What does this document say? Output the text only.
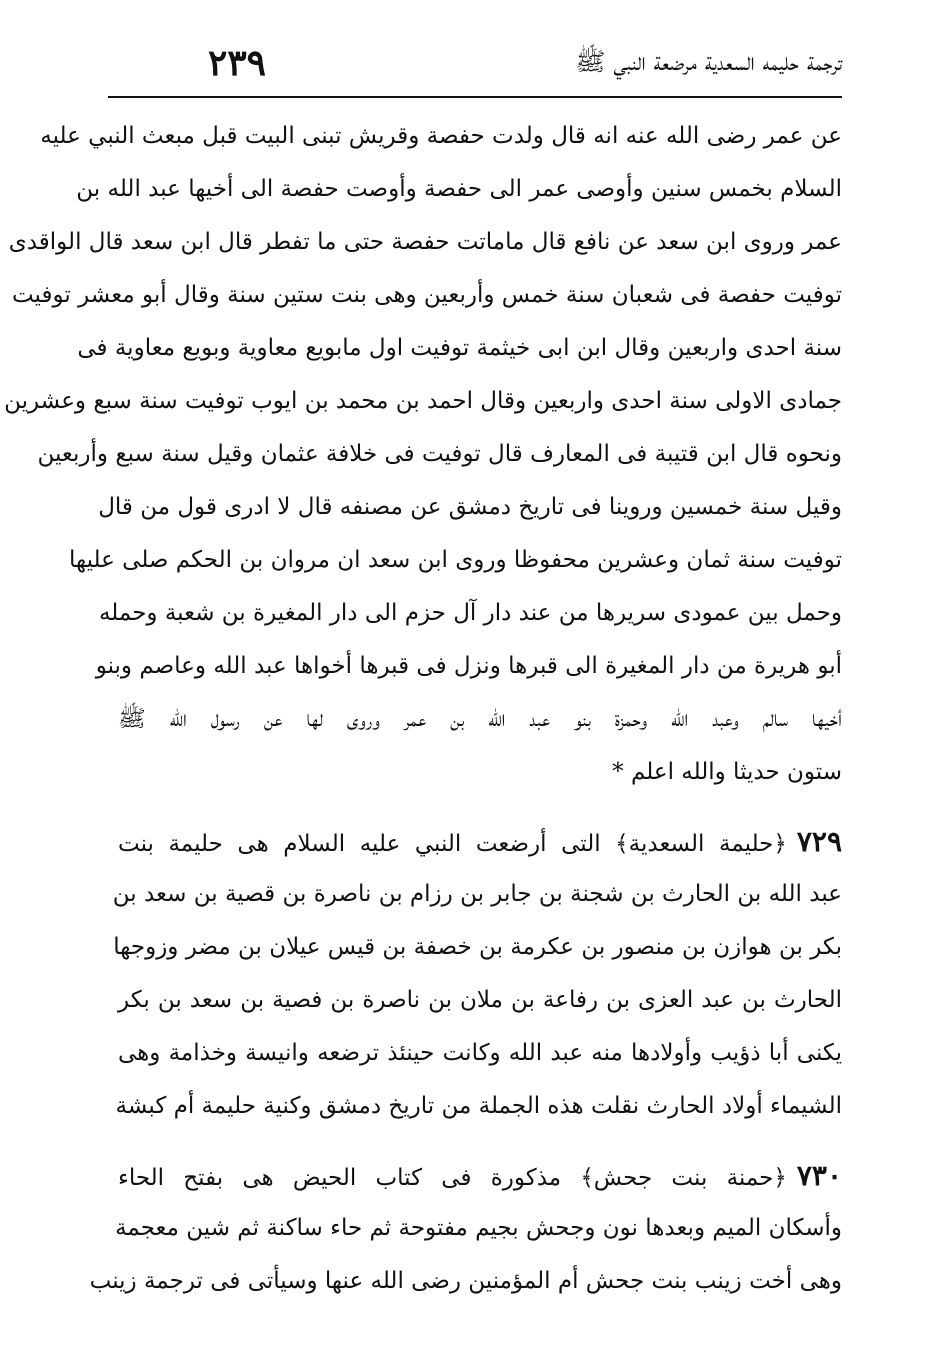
٢٣٩	ترجمة حليمه السعدية مرضعة النبي ﷺ
عن عمر رضى الله عنه انه قال ولدت حفصة وقريش تبنى البيت قبل مبعث النبي عليه
السلام بخمس سنين وأوصى عمر الى حفصة وأوصت حفصة الى أخيها عبد الله بن
عمر وروى ابن سعد عن نافع قال ماماتت حفصة حتى ما تفطر قال ابن سعد قال الواقدى
توفيت حفصة فى شعبان سنة خمس وأربعين وهى بنت ستين سنة وقال أبو معشر توفيت
سنة احدى واربعين وقال ابن ابى خيثمة توفيت اول مابويع معاوية وبويع معاوية فى
جمادى الاولى سنة احدى واربعين وقال احمد بن محمد بن ايوب توفيت سنة سبع وعشرين
ونحوه قال ابن قتيبة فى المعارف قال توفيت فى خلافة عثمان وقيل سنة سبع وأربعين
وقيل سنة خمسين وروينا فى تاريخ دمشق عن مصنفه قال لا ادرى قول من قال
توفيت سنة ثمان وعشرين محفوظا وروى ابن سعد ان مروان بن الحكم صلى عليها
وحمل بين عمودى سريرها من عند دار آل حزم الى دار المغيرة بن شعبة وحمله
أبو هريرة من دار المغيرة الى قبرها ونزل فى قبرها أخواها عبد الله وعاصم وبنو
أخيها سالم وعبد الله وحمزة بنو عبد الله بن عمر وروى لها عن رسول الله ﷺ
ستون حديثا والله اعلم *
٧٢٩﴿حليمة السعدية﴾ التى أرضعت النبي عليه السلام هى حليمة بنت
عبد الله بن الحارث بن شجنة بن جابر بن رزام بن ناصرة بن قصية بن سعد بن
بكر بن هوازن بن منصور بن عكرمة بن خصفة بن قيس عيلان بن مضر وزوجها
الحارث بن عبد العزى بن رفاعة بن ملان بن ناصرة بن فصية بن سعد بن بكر
يكنى أبا ذؤيب وأولادها منه عبد الله وكانت حينئذ ترضعه وانيسة وخذامة وهى
الشيماء أولاد الحارث نقلت هذه الجملة من تاريخ دمشق وكنية حليمة أم كبشة
٧٣٠﴿حمنة بنت جحش﴾ مذكورة فى كتاب الحيض هى بفتح الحاء
وأسكان الميم وبعدها نون وجحش بجيم مفتوحة ثم حاء ساكنة ثم شين معجمة
وهى أخت زينب بنت جحش أم المؤمنين رضى الله عنها وسيأتى فى ترجمة زينب
